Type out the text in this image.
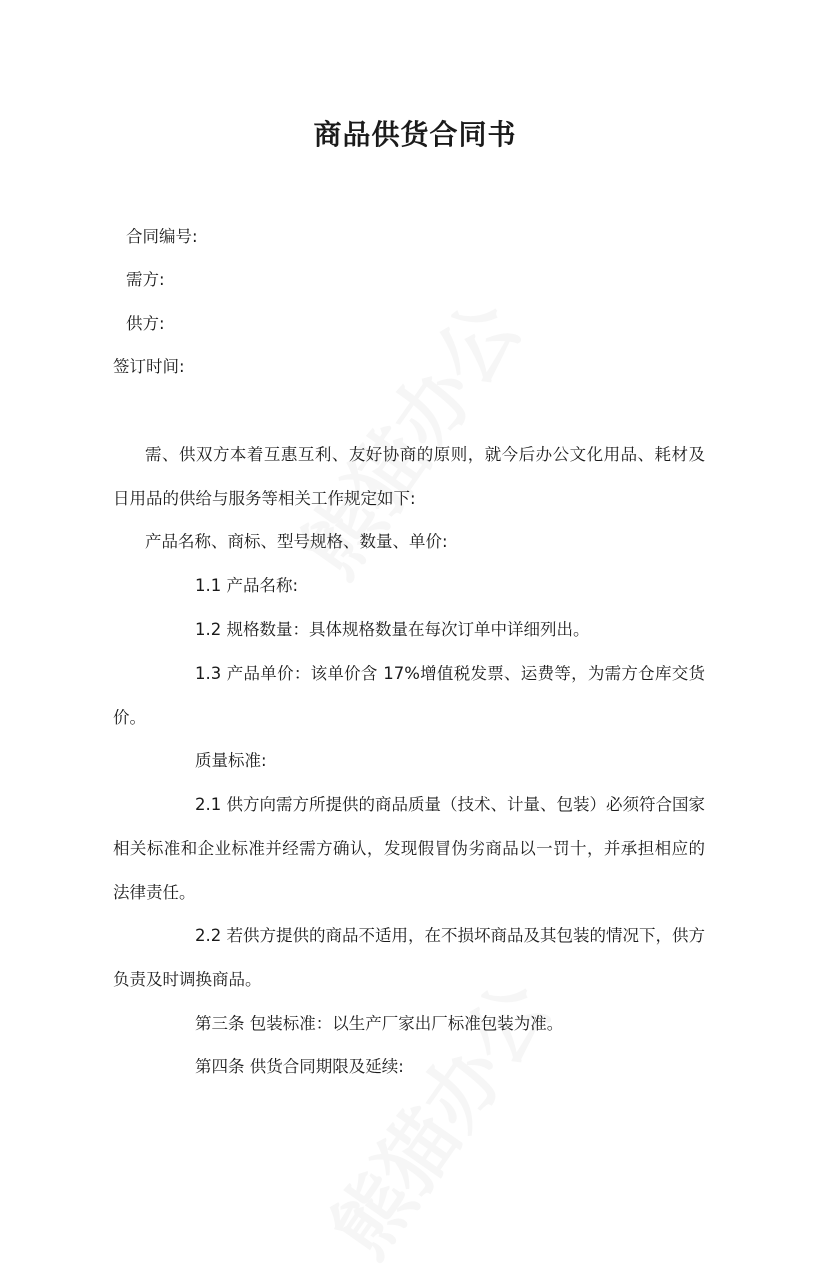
商品供货合同书
合同编号:
需方:
供方:
签订时间:
需、供双方本着互惠互利、友好协商的原则，就今后办公文化用品、耗材及
日用品的供给与服务等相关工作规定如下:
产品名称、商标、型号规格、数量、单价:
1.1 产品名称:
1.2 规格数量：具体规格数量在每次订单中详细列出。
1.3 产品单价：该单价含 17%增值税发票、运费等，为需方仓库交货
价。
质量标准:
2.1 供方向需方所提供的商品质量（技术、计量、包装）必须符合国家
相关标准和企业标准并经需方确认，发现假冒伪劣商品以一罚十，并承担相应的
法律责任。
2.2 若供方提供的商品不适用，在不损坏商品及其包装的情况下，供方
负责及时调换商品。
第三条 包装标准：以生产厂家出厂标准包装为准。
第四条 供货合同期限及延续:
